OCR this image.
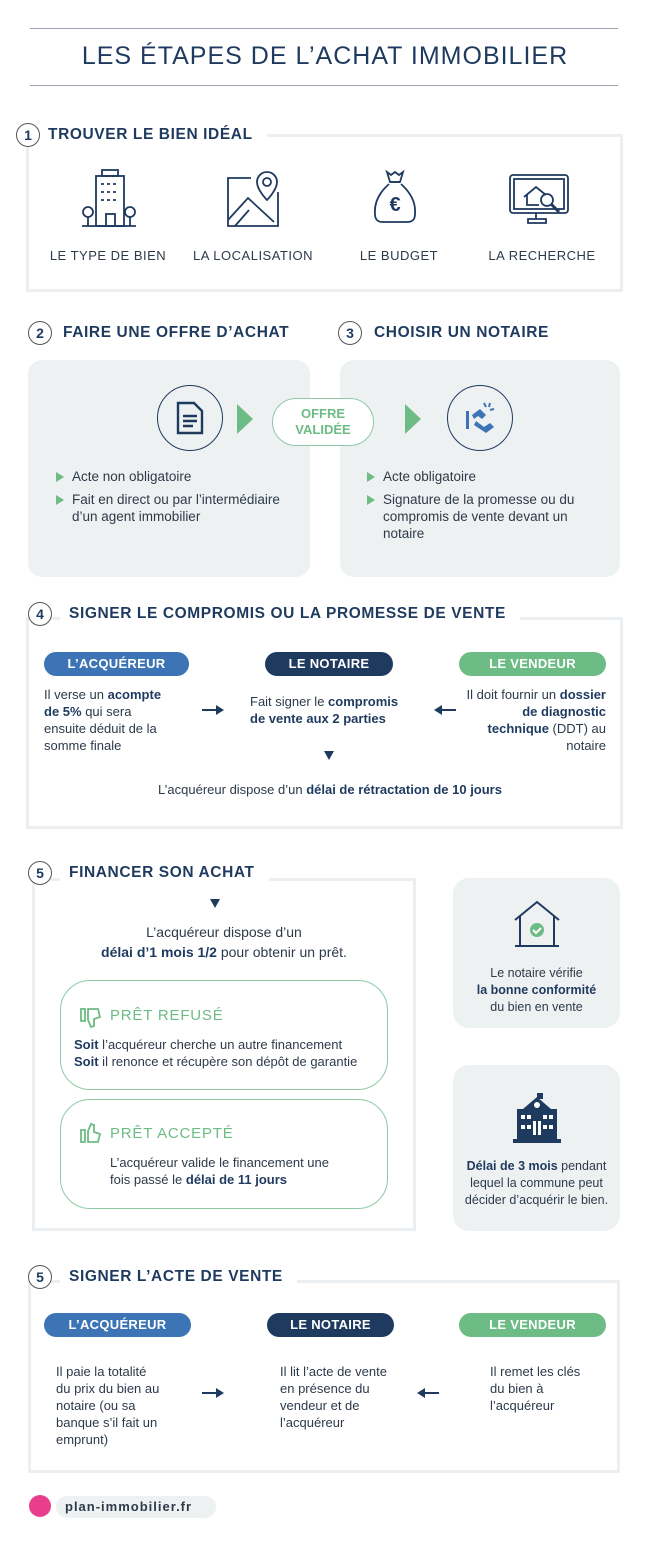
LES ÉTAPES DE L’ACHAT IMMOBILIER
TROUVER LE BIEN IDÉAL
1
€
LE TYPE DE BIEN	LA LOCALISATION	LE BUDGET	LA RECHERCHE
2	FAIRE UNE OFFRE D’ACHAT	3	CHOISIR UN NOTAIRE
OFFRE
VALIDÉE
Acte non obligatoire
Fait en direct ou par l’intermédiaire d’un agent immobilier
Acte obligatoire
Signature de la promesse ou du compromis de vente devant un notaire
SIGNER LE COMPROMIS OU LA PROMESSE DE VENTE
4
L’ACQUÉREUR	LE NOTAIRE	LE VENDEUR
Il verse un acompte de 5% qui sera ensuite déduit de la somme finale
Fait signer le compromis de vente aux 2 parties
Il doit fournir un dossier de diagnostic technique (DDT) au notaire
L’acquéreur dispose d’un délai de rétractation de 10 jours
FINANCER SON ACHAT
5
L’acquéreur dispose d’un
délai d’1 mois 1/2 pour obtenir un prêt.
PRÊT REFUSÉ
Soit l’acquéreur cherche un autre financement
Soit il renonce et récupère son dépôt de garantie
PRÊT ACCEPTÉ
L’acquéreur valide le financement une fois passé le délai de 11 jours
Le notaire vérifie
la bonne conformité
du bien en vente
Délai de 3 mois pendant lequel la commune peut décider d’acquérir le bien.
SIGNER L’ACTE DE VENTE
5
L’ACQUÉREUR	LE NOTAIRE	LE VENDEUR
Il paie la totalité du prix du bien au notaire (ou sa banque s’il fait un emprunt)
Il lit l’acte de vente en présence du vendeur et de l’acquéreur
Il remet les clés du bien à l’acquéreur
plan-immobilier.fr
